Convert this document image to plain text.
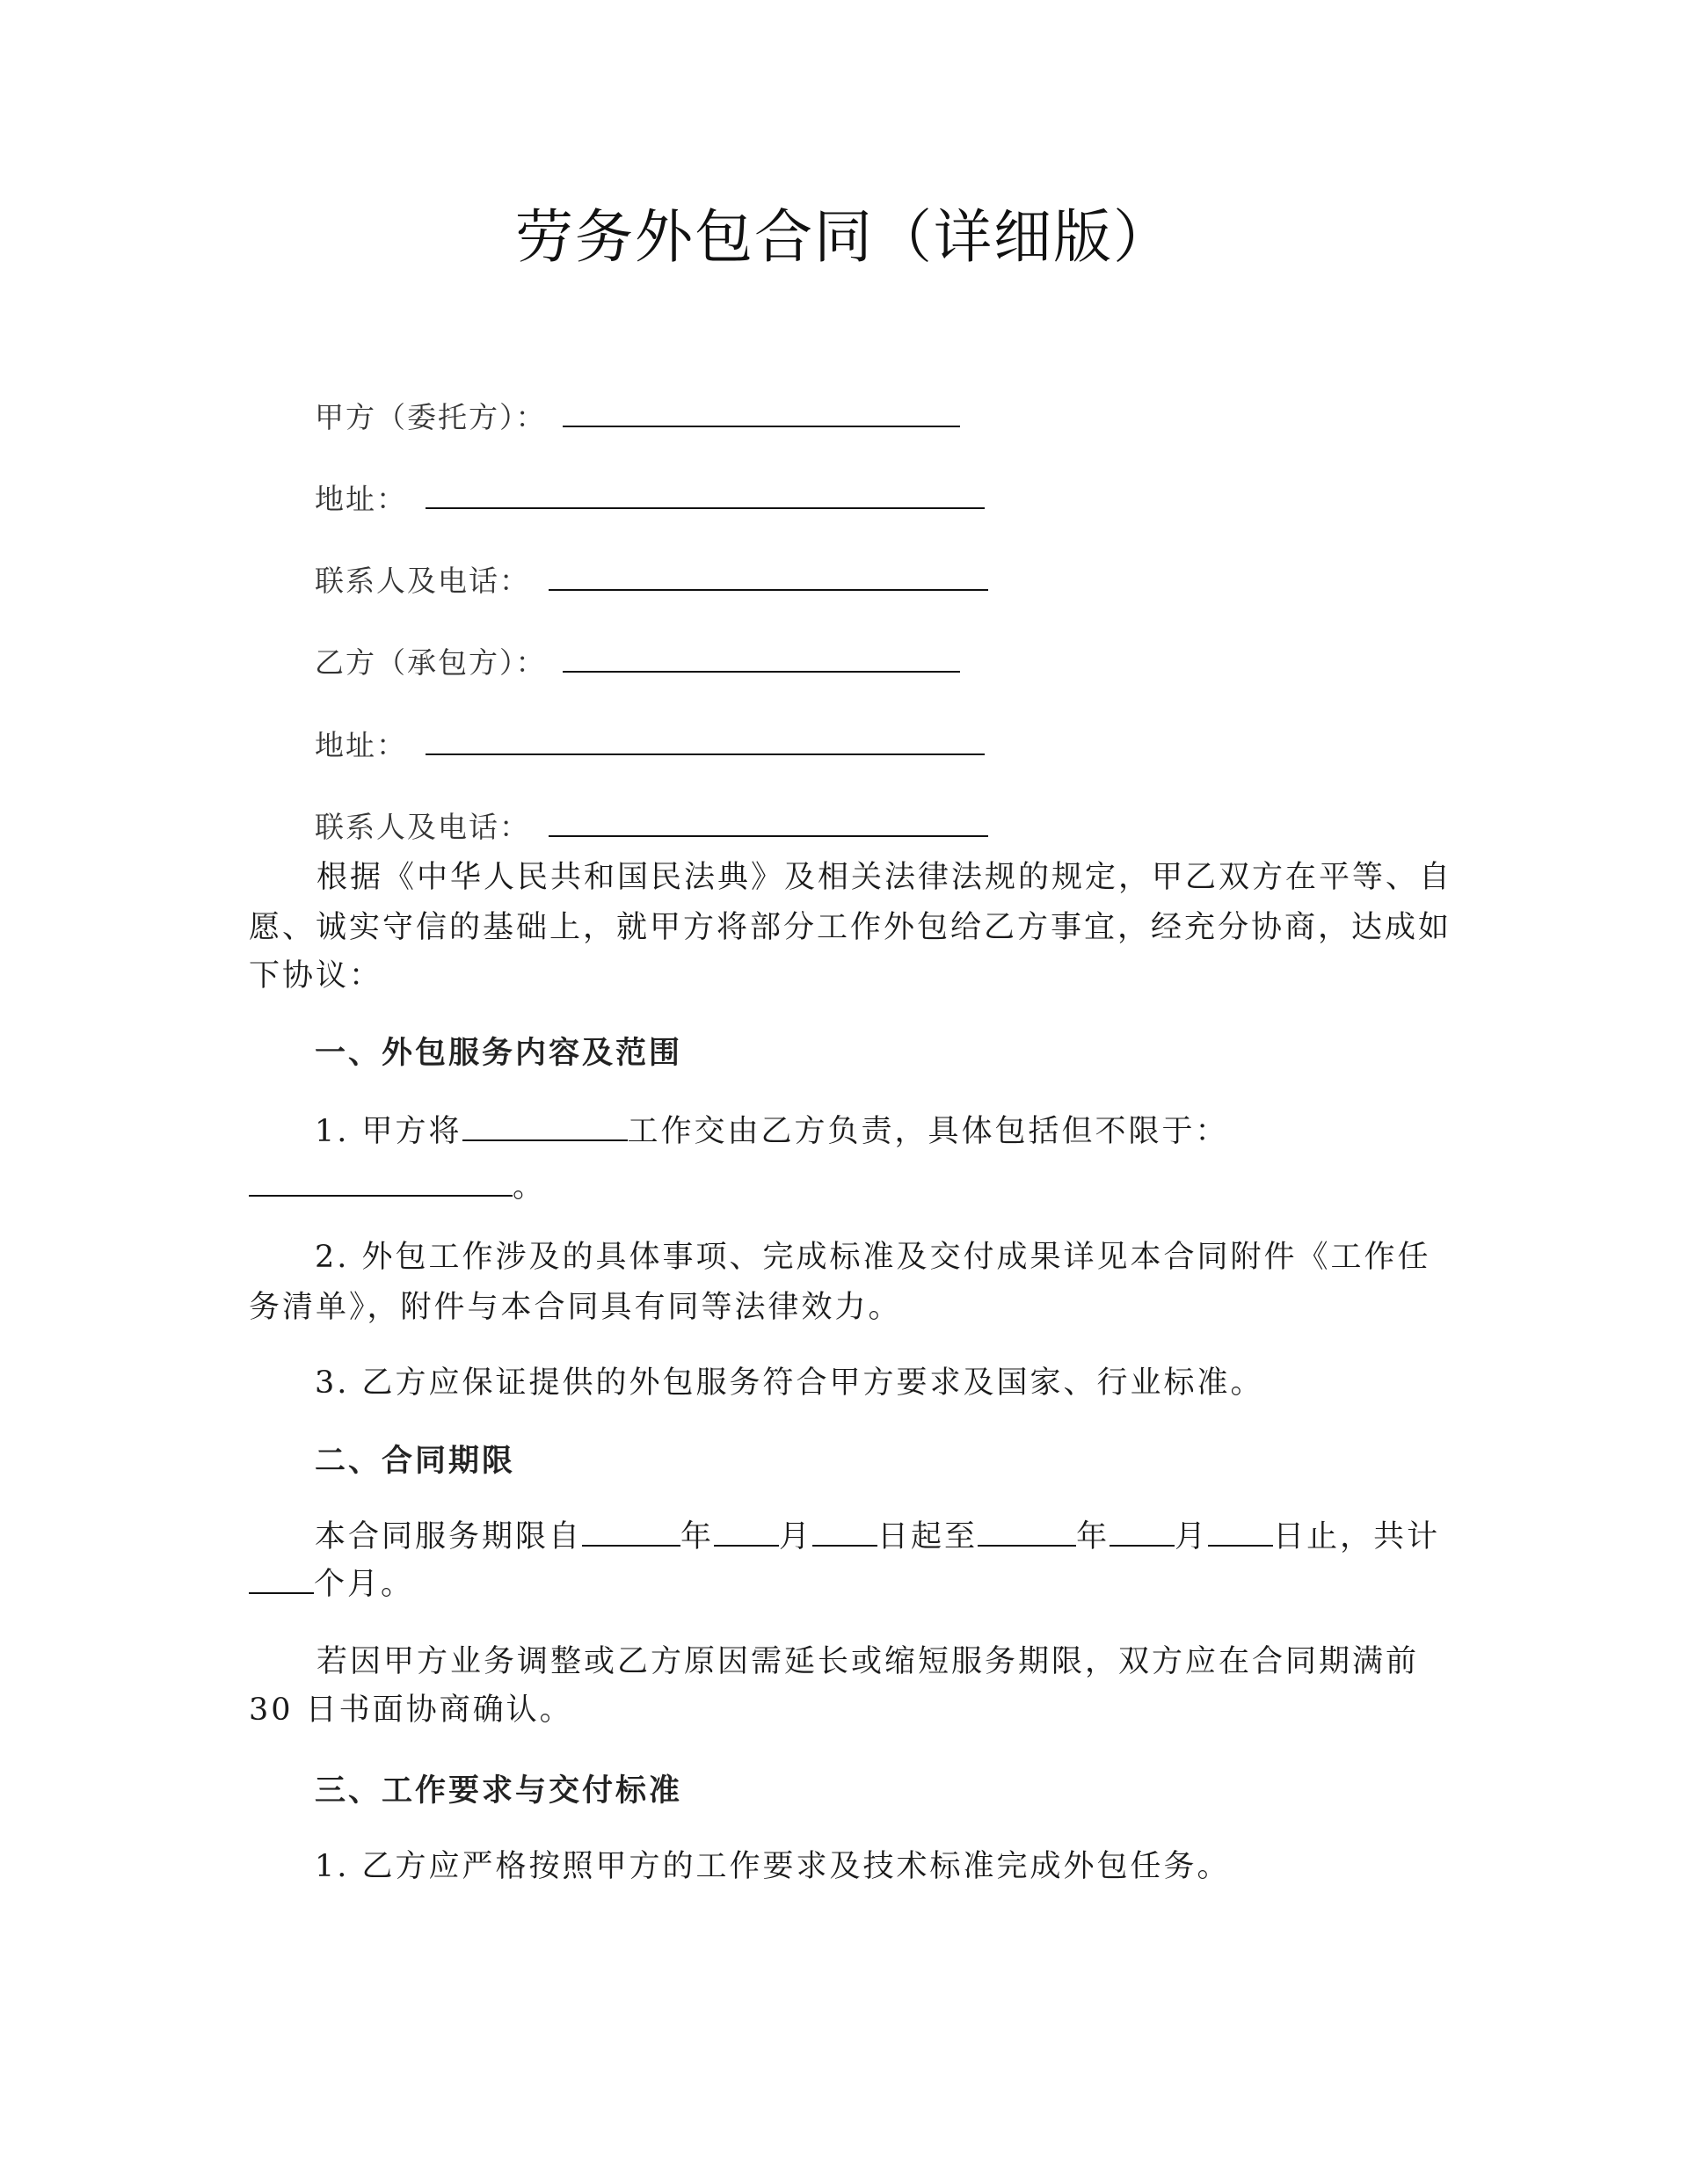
劳务外包合同（详细版）
甲方（委托方）：
地址：
联系人及电话：
乙方（承包方）：
地址：
联系人及电话：
根据《中华人民共和国民法典》及相关法律法规的规定，甲乙双方在平等、自
愿、诚实守信的基础上，就甲方将部分工作外包给乙方事宜，经充分协商，达成如
下协议：
一、外包服务内容及范围
1. 甲方将	工作交由乙方负责，具体包括但不限于：
。
2. 外包工作涉及的具体事项、完成标准及交付成果详见本合同附件《工作任
务清单》，附件与本合同具有同等法律效力。
3. 乙方应保证提供的外包服务符合甲方要求及国家、行业标准。
二、合同期限
本合同服务期限自	年 月 日起至	年 月 日止，共计
个月。
若因甲方业务调整或乙方原因需延长或缩短服务期限，双方应在合同期满前
30 日书面协商确认。
三、工作要求与交付标准
1. 乙方应严格按照甲方的工作要求及技术标准完成外包任务。
